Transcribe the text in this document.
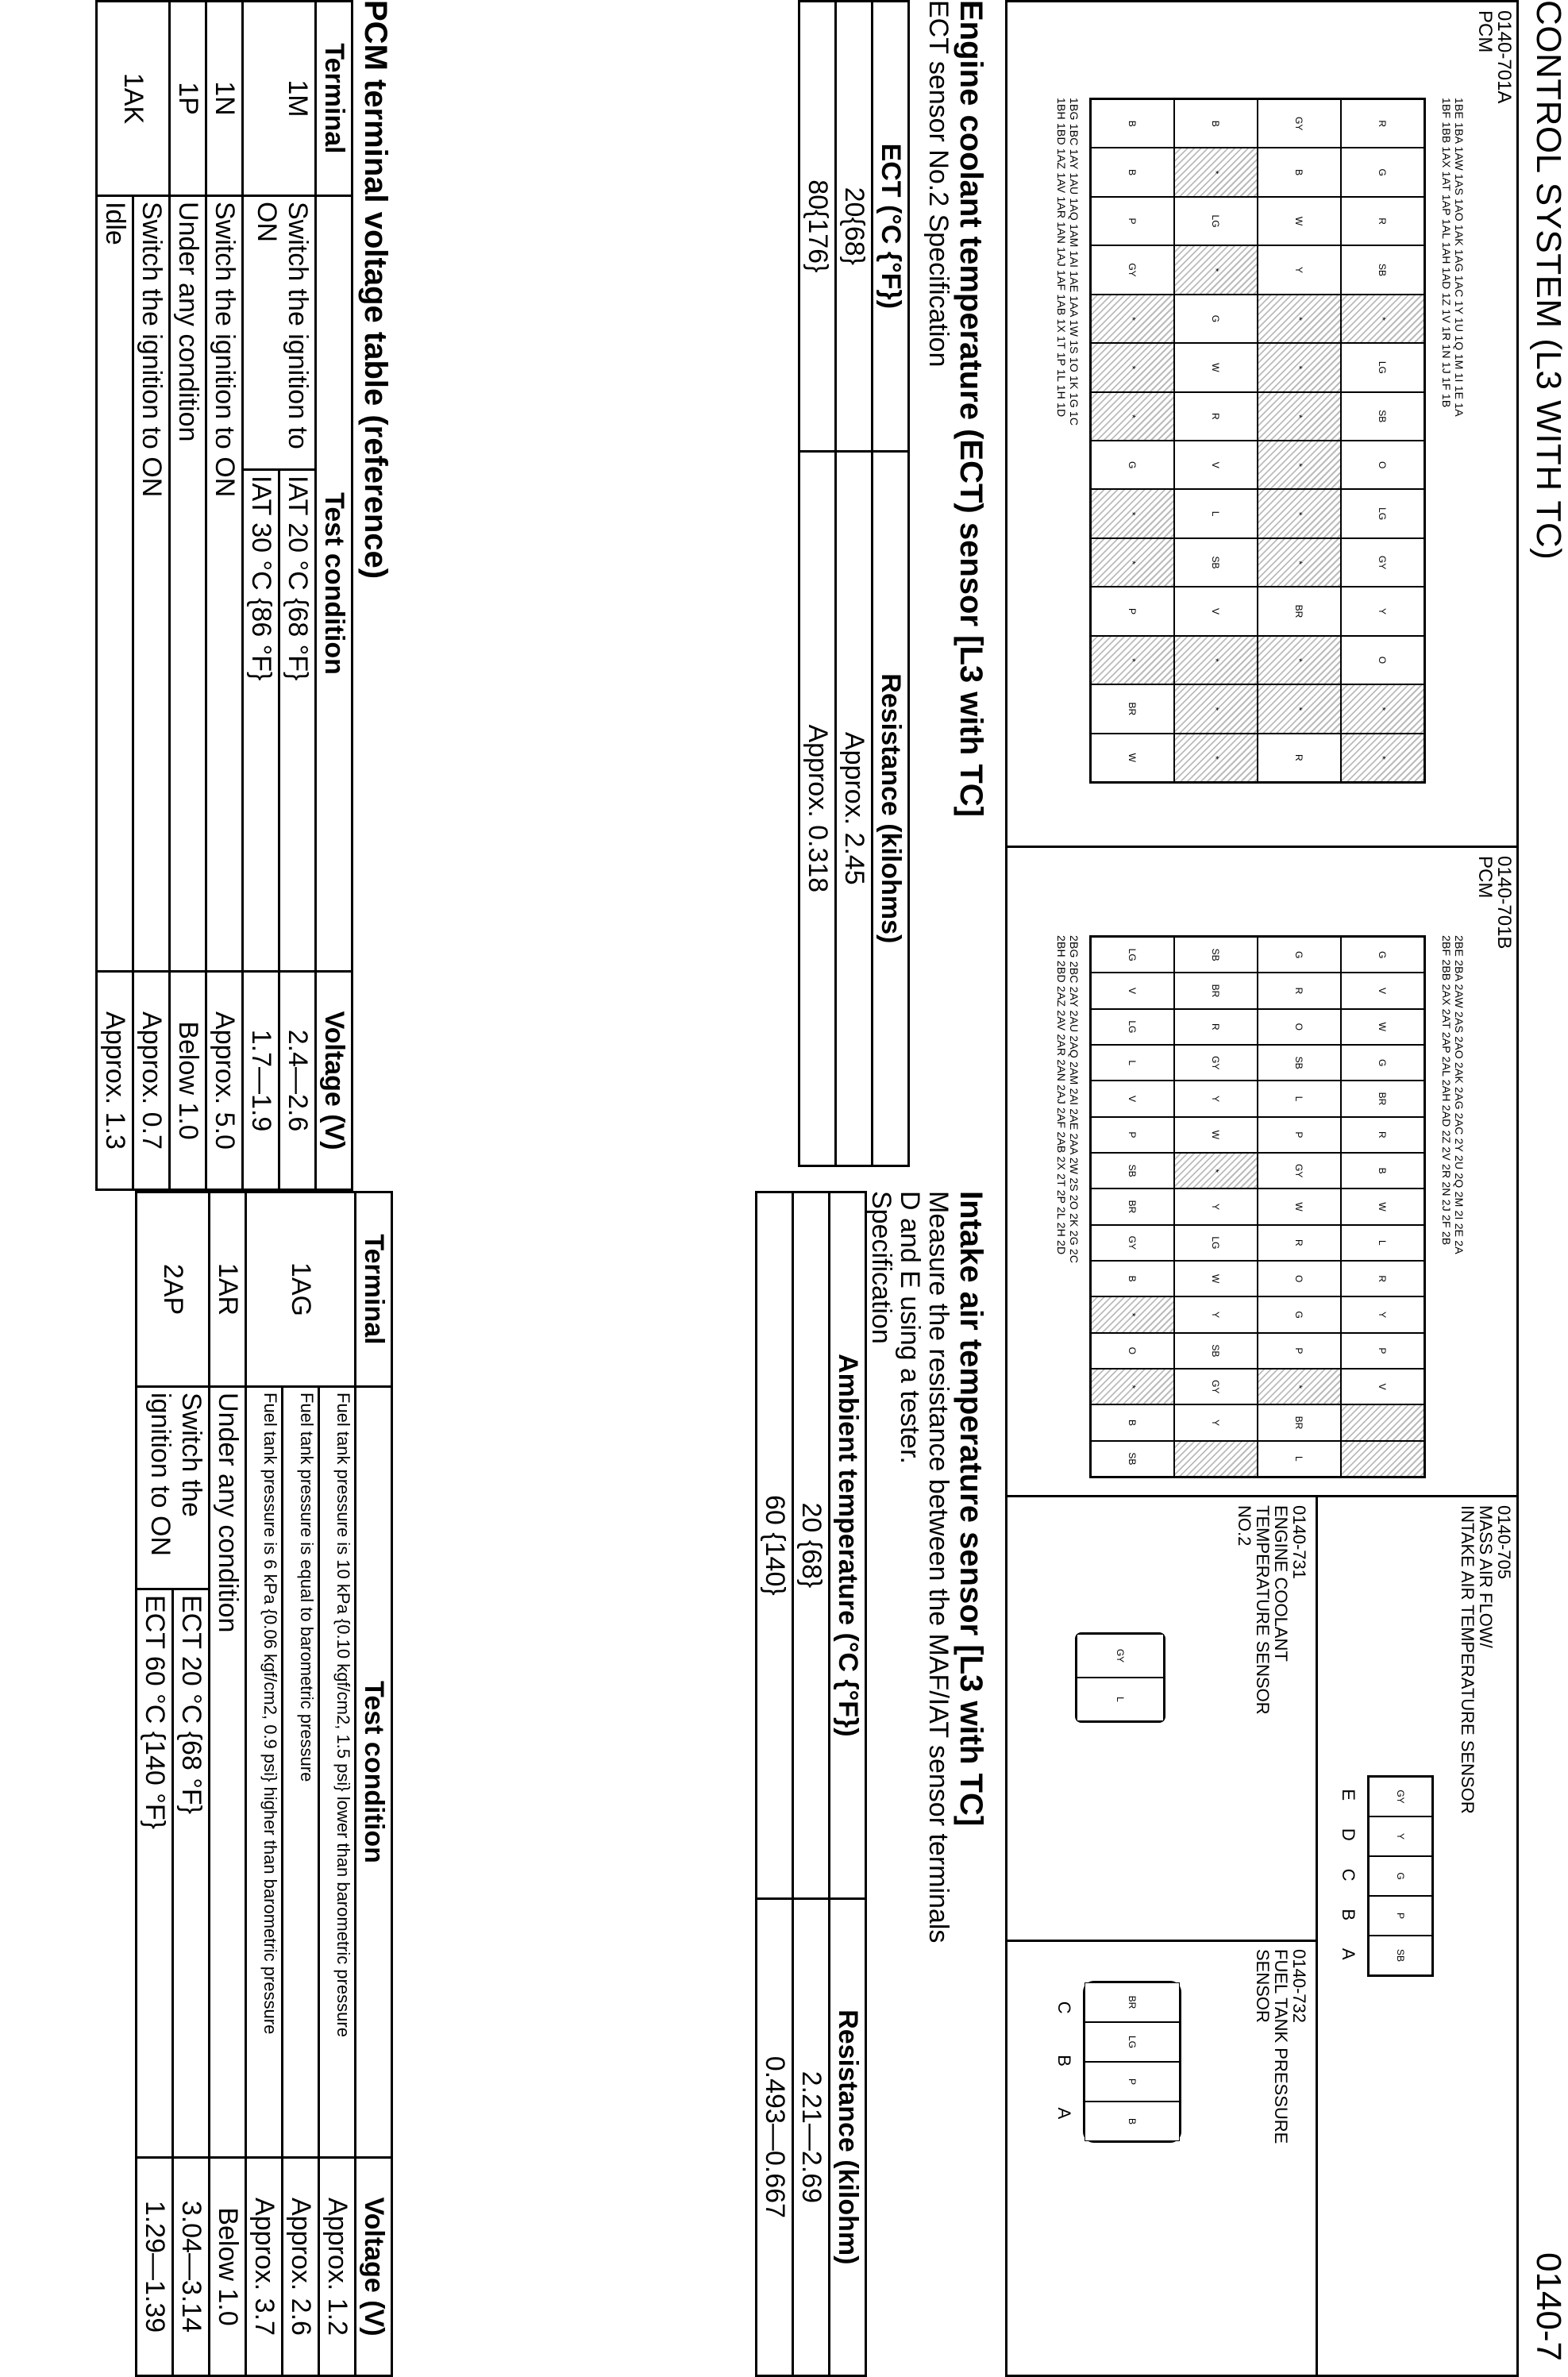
CONTROL SYSTEM (L3 WITH TC)
0140-7
0140-701A
PCM
1BE 1BA 1AW 1AS 1AO 1AK 1AG 1AC 1Y 1U 1Q 1M 1I 1E 1A
1BF 1BB 1AX 1AT 1AP 1AL 1AH 1AD 1Z 1V 1R 1N 1J 1F 1B
R
G
R
SB
*
LG
SB
O
LG
GY
Y
O
*
*
GY
B
W
Y
*
*
*
*
*
*
BR
*
*
R
B
*
LG
*
G
W
R
V
L
SB
V
*
*
*
B
B
P
GY
*
*
*
G
*
*
P
*
BR
W
1BG 1BC 1AY 1AU 1AQ 1AM 1AI 1AE 1AA 1W 1S 1O 1K 1G 1C
1BH 1BD 1AZ 1AV 1AR 1AN 1AJ 1AF 1AB 1X 1T 1P 1L 1H 1D
0140-701B
PCM
2BE 2BA 2AW 2AS 2AO 2AK 2AG 2AC 2Y 2U 2Q 2M 2I 2E 2A
2BF 2BB 2AX 2AT 2AP 2AL 2AH 2AD 2Z 2V 2R 2N 2J 2F 2B
G
V
W
G
BR
R
B
W
L
R
Y
P
V
G
R
O
SB
L
P
GY
W
R
O
G
P
*
BR
L
SB
BR
R
GY
Y
W
*
Y
LG
W
Y
SB
GY
Y
LG
V
LG
L
V
P
SB
BR
GY
B
*
O
*
B
SB
2BG 2BC 2AY 2AU 2AQ 2AM 2AI 2AE 2AA 2W 2S 2O 2K 2G 2C
2BH 2BD 2AZ 2AV 2AR 2AN 2AJ 2AF 2AB 2X 2T 2P 2L 2H 2D
0140-705
MASS AIR FLOW/
INTAKE AIR TEMPERATURE SENSOR
GY
Y
G
P
SB
E
D
C
B
A
0140-731
ENGINE COOLANT
TEMPERATURE SENSOR
NO.2
GY
L
0140-732
FUEL TANK PRESSURE
SENSOR
BR
LG
P
B
C
B
A
Engine coolant temperature (ECT) sensor [L3 with TC]
ECT sensor No.2 Specification
ECT (°C {°F})	Resistance (kilohms)
20{68}	Approx. 2.45
80{176}	Approx. 0.318
Intake air temperature sensor [L3 with TC]
Measure the resistance between the MAF/IAT sensor terminals
D and E using a tester.
Specification
Ambient temperature (°C {°F})	Resistance (kilohm)
20 {68}	2.21—2.69
60 {140}	0.493—0.667
PCM terminal voltage table (reference)
Terminal	Test condition		Voltage (V)
1M	Switch the ignition to ON	IAT 20 °C {68 °F}	2.4—2.6
		IAT 30 °C {86 °F}	1.7—1.9
1N	Switch the ignition to ON		Approx. 5.0
1P	Under any condition		Below 1.0
1AK	Switch the ignition to ON		Approx. 0.7
	Idle		Approx. 1.3
Terminal	Test condition		Voltage (V)
1AG	Fuel tank pressure is 10 kPa {0.10 kgf/cm2, 1.5 psi} lower than barometric pressure		Approx. 1.2
	Fuel tank pressure is equal to barometric pressure		Approx. 2.6
	Fuel tank pressure is 6 kPa {0.06 kgf/cm2, 0.9 psi} higher than barometric pressure		Approx. 3.7
1AR	Under any condition		Below 1.0
2AP	Switch the ignition to ON	ECT 20 °C {68 °F}	3.04—3.14
		ECT 60 °C {140 °F}	1.29—1.39
